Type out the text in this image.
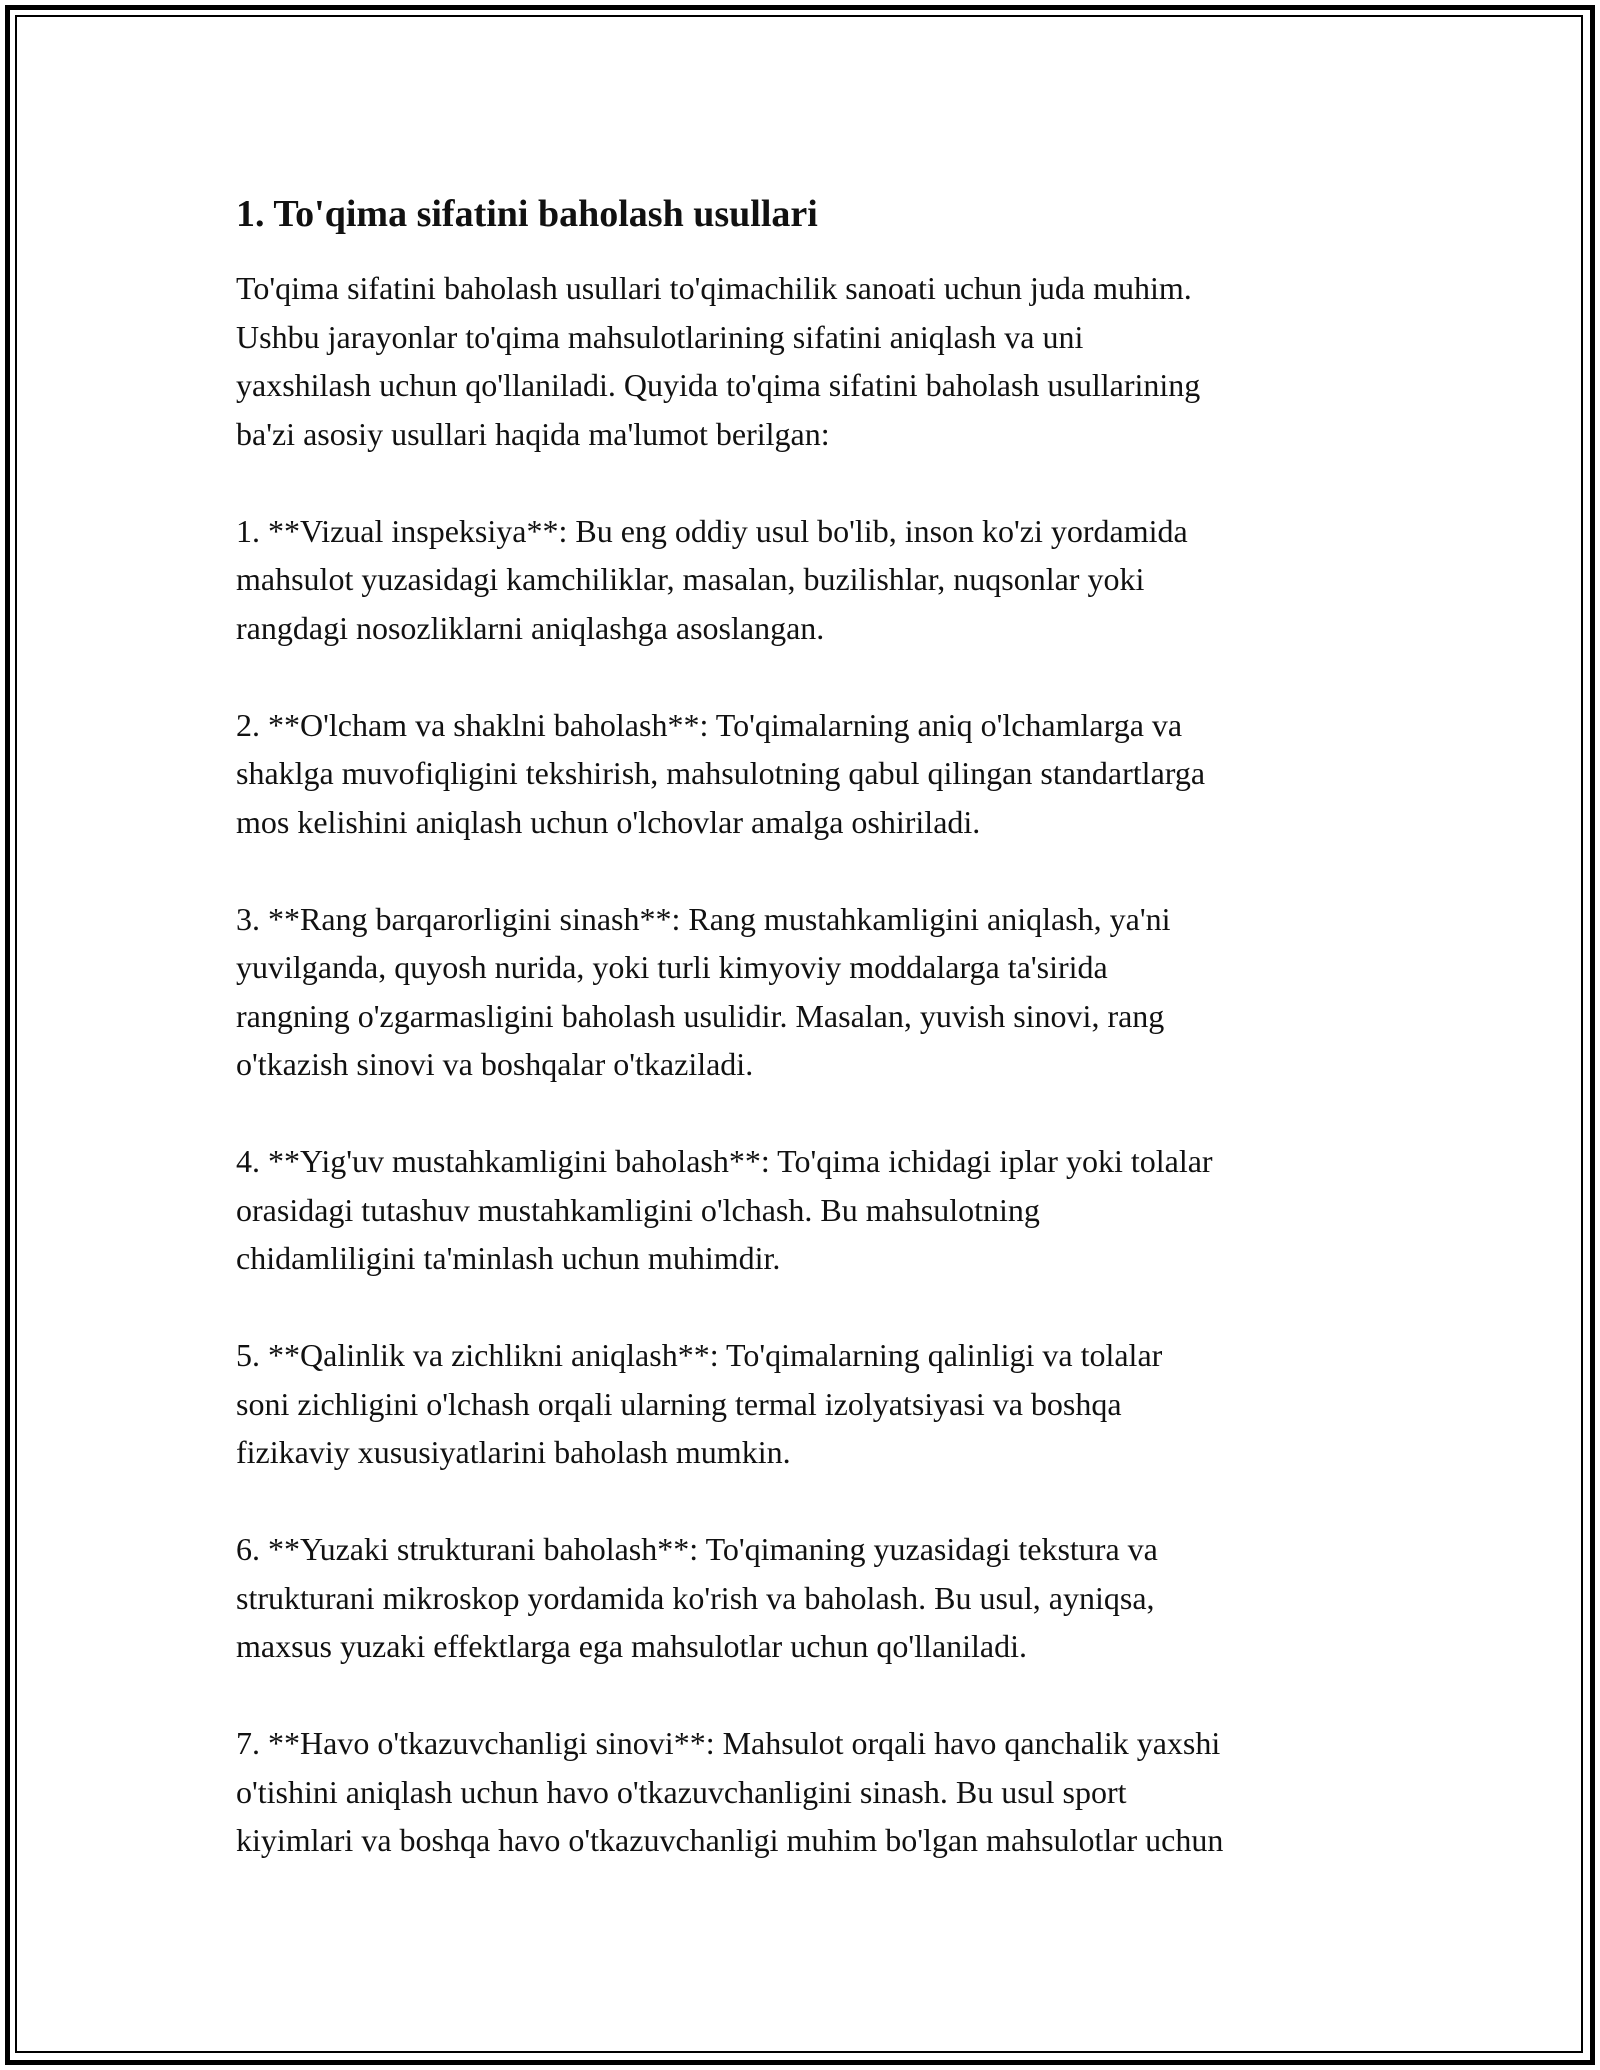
1. To'qima sifatini baholash usullari

To'qima sifatini baholash usullari to'qimachilik sanoati uchun juda muhim.
Ushbu jarayonlar to'qima mahsulotlarining sifatini aniqlash va uni
yaxshilash uchun qo'llaniladi. Quyida to'qima sifatini baholash usullarining
ba'zi asosiy usullari haqida ma'lumot berilgan:

1. **Vizual inspeksiya**: Bu eng oddiy usul bo'lib, inson ko'zi yordamida
mahsulot yuzasidagi kamchiliklar, masalan, buzilishlar, nuqsonlar yoki
rangdagi nosozliklarni aniqlashga asoslangan.

2. **O'lcham va shaklni baholash**: To'qimalarning aniq o'lchamlarga va
shaklga muvofiqligini tekshirish, mahsulotning qabul qilingan standartlarga
mos kelishini aniqlash uchun o'lchovlar amalga oshiriladi.

3. **Rang barqarorligini sinash**: Rang mustahkamligini aniqlash, ya'ni
yuvilganda, quyosh nurida, yoki turli kimyoviy moddalarga ta'sirida
rangning o'zgarmasligini baholash usulidir. Masalan, yuvish sinovi, rang
o'tkazish sinovi va boshqalar o'tkaziladi.

4. **Yig'uv mustahkamligini baholash**: To'qima ichidagi iplar yoki tolalar
orasidagi tutashuv mustahkamligini o'lchash. Bu mahsulotning
chidamliligini ta'minlash uchun muhimdir.

5. **Qalinlik va zichlikni aniqlash**: To'qimalarning qalinligi va tolalar
soni zichligini o'lchash orqali ularning termal izolyatsiyasi va boshqa
fizikaviy xususiyatlarini baholash mumkin.

6. **Yuzaki strukturani baholash**: To'qimaning yuzasidagi tekstura va
strukturani mikroskop yordamida ko'rish va baholash. Bu usul, ayniqsa,
maxsus yuzaki effektlarga ega mahsulotlar uchun qo'llaniladi.

7. **Havo o'tkazuvchanligi sinovi**: Mahsulot orqali havo qanchalik yaxshi
o'tishini aniqlash uchun havo o'tkazuvchanligini sinash. Bu usul sport
kiyimlari va boshqa havo o'tkazuvchanligi muhim bo'lgan mahsulotlar uchun
